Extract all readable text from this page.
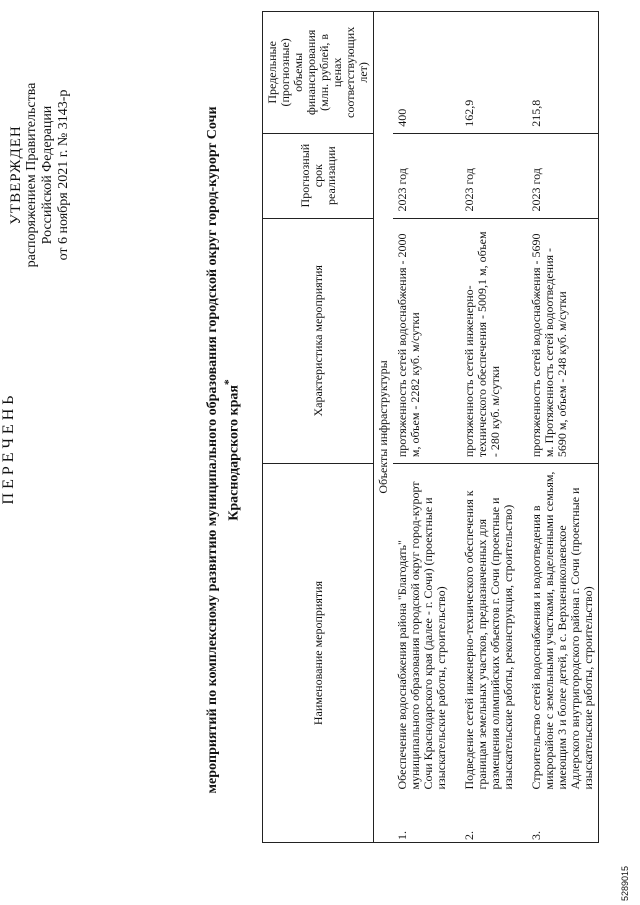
УТВЕРЖДЕН распоряжением Правительства Российской Федерации от 6 ноября 2021 г. № 3143-р
П Е Р Е Ч Е Н Ь	мероприятий по комплексному развитию муниципального образования городской округ город-курорт Сочи Краснодарского края*
Наименование мероприятия		Характеристика мероприятия	Прогнозный срок реализации	Предельные (прогнозные) объемы финансирования (млн. рублей, в ценах соответствующих лет)
Объекты инфраструктуры				
1.	Обеспечение водоснабжения района "Благодать" муниципального образования городской округ город-курорт Сочи Краснодарского края (далее - г. Сочи) (проектные и изыскательские работы, строительство)	протяженность сетей водоснабжения - 2000 м, объем - 2282 куб. м/сутки	2023 год	400
2.	Подведение сетей инженерно-технического обеспечения к границам земельных участков, предназначенных для размещения олимпийских объектов г. Сочи (проектные и изыскательские работы, реконструкция, строительство)	протяженность сетей инженерно-технического обеспечения - 5009,1 м, объем - 280 куб. м/сутки	2023 год	162,9
3.	Строительство сетей водоснабжения и водоотведения в микрорайоне с земельными участками, выделенными семьям, имеющим 3 и более детей, в с. Верхнениколаевское Адлерского внутригородского района г. Сочи (проектные и изыскательские работы, строительство)	протяженность сетей водоснабжения - 5690 м. Протяженность сетей водоотведения - 5690 м, объем - 248 куб. м/сутки	2023 год	215,8
5289015
